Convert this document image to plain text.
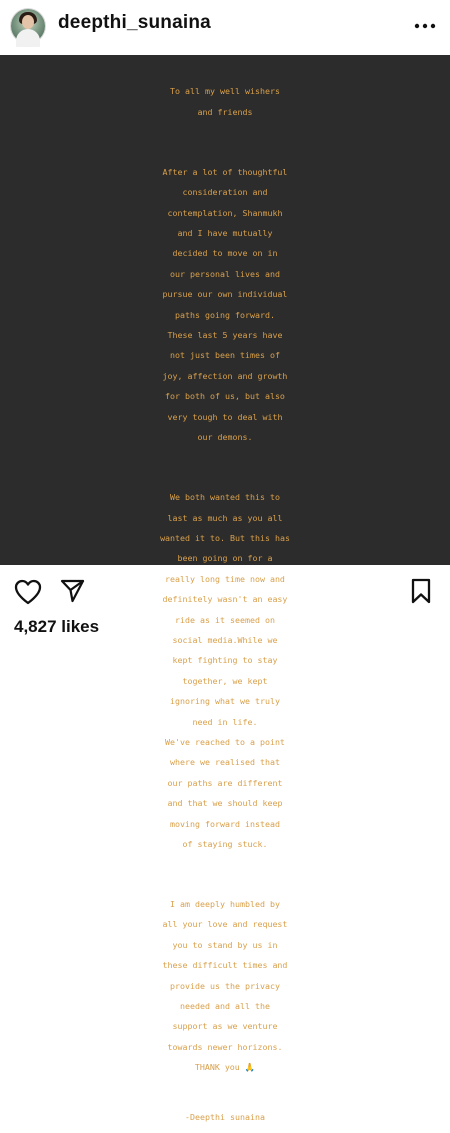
deepthi_sunaina

To all my well wishers

and friends

After a lot of thoughtful

consideration and

contemplation, Shanmukh

and I have mutually

decided to move on in

our personal lives and

pursue our own individual

paths going forward.

These last 5 years have

not just been times of

joy, affection and growth

for both of us, but also

very tough to deal with

our demons.

We both wanted this to

last as much as you all

wanted it to. But this has

been going on for a

really long time now and

definitely wasn't an easy

ride as it seemed on

social media.While we

kept fighting to stay

together, we kept

ignoring what we truly

need in life.

We've reached to a point

where we realised that

our paths are different

and that we should keep

moving forward instead

of staying stuck.

I am deeply humbled by

all your love and request

you to stand by us in

these difficult times and

provide us the privacy

needed and all the

support as we venture

towards newer horizons.

THANK you 🙏

-Deepthi sunaina

4,827 likes
